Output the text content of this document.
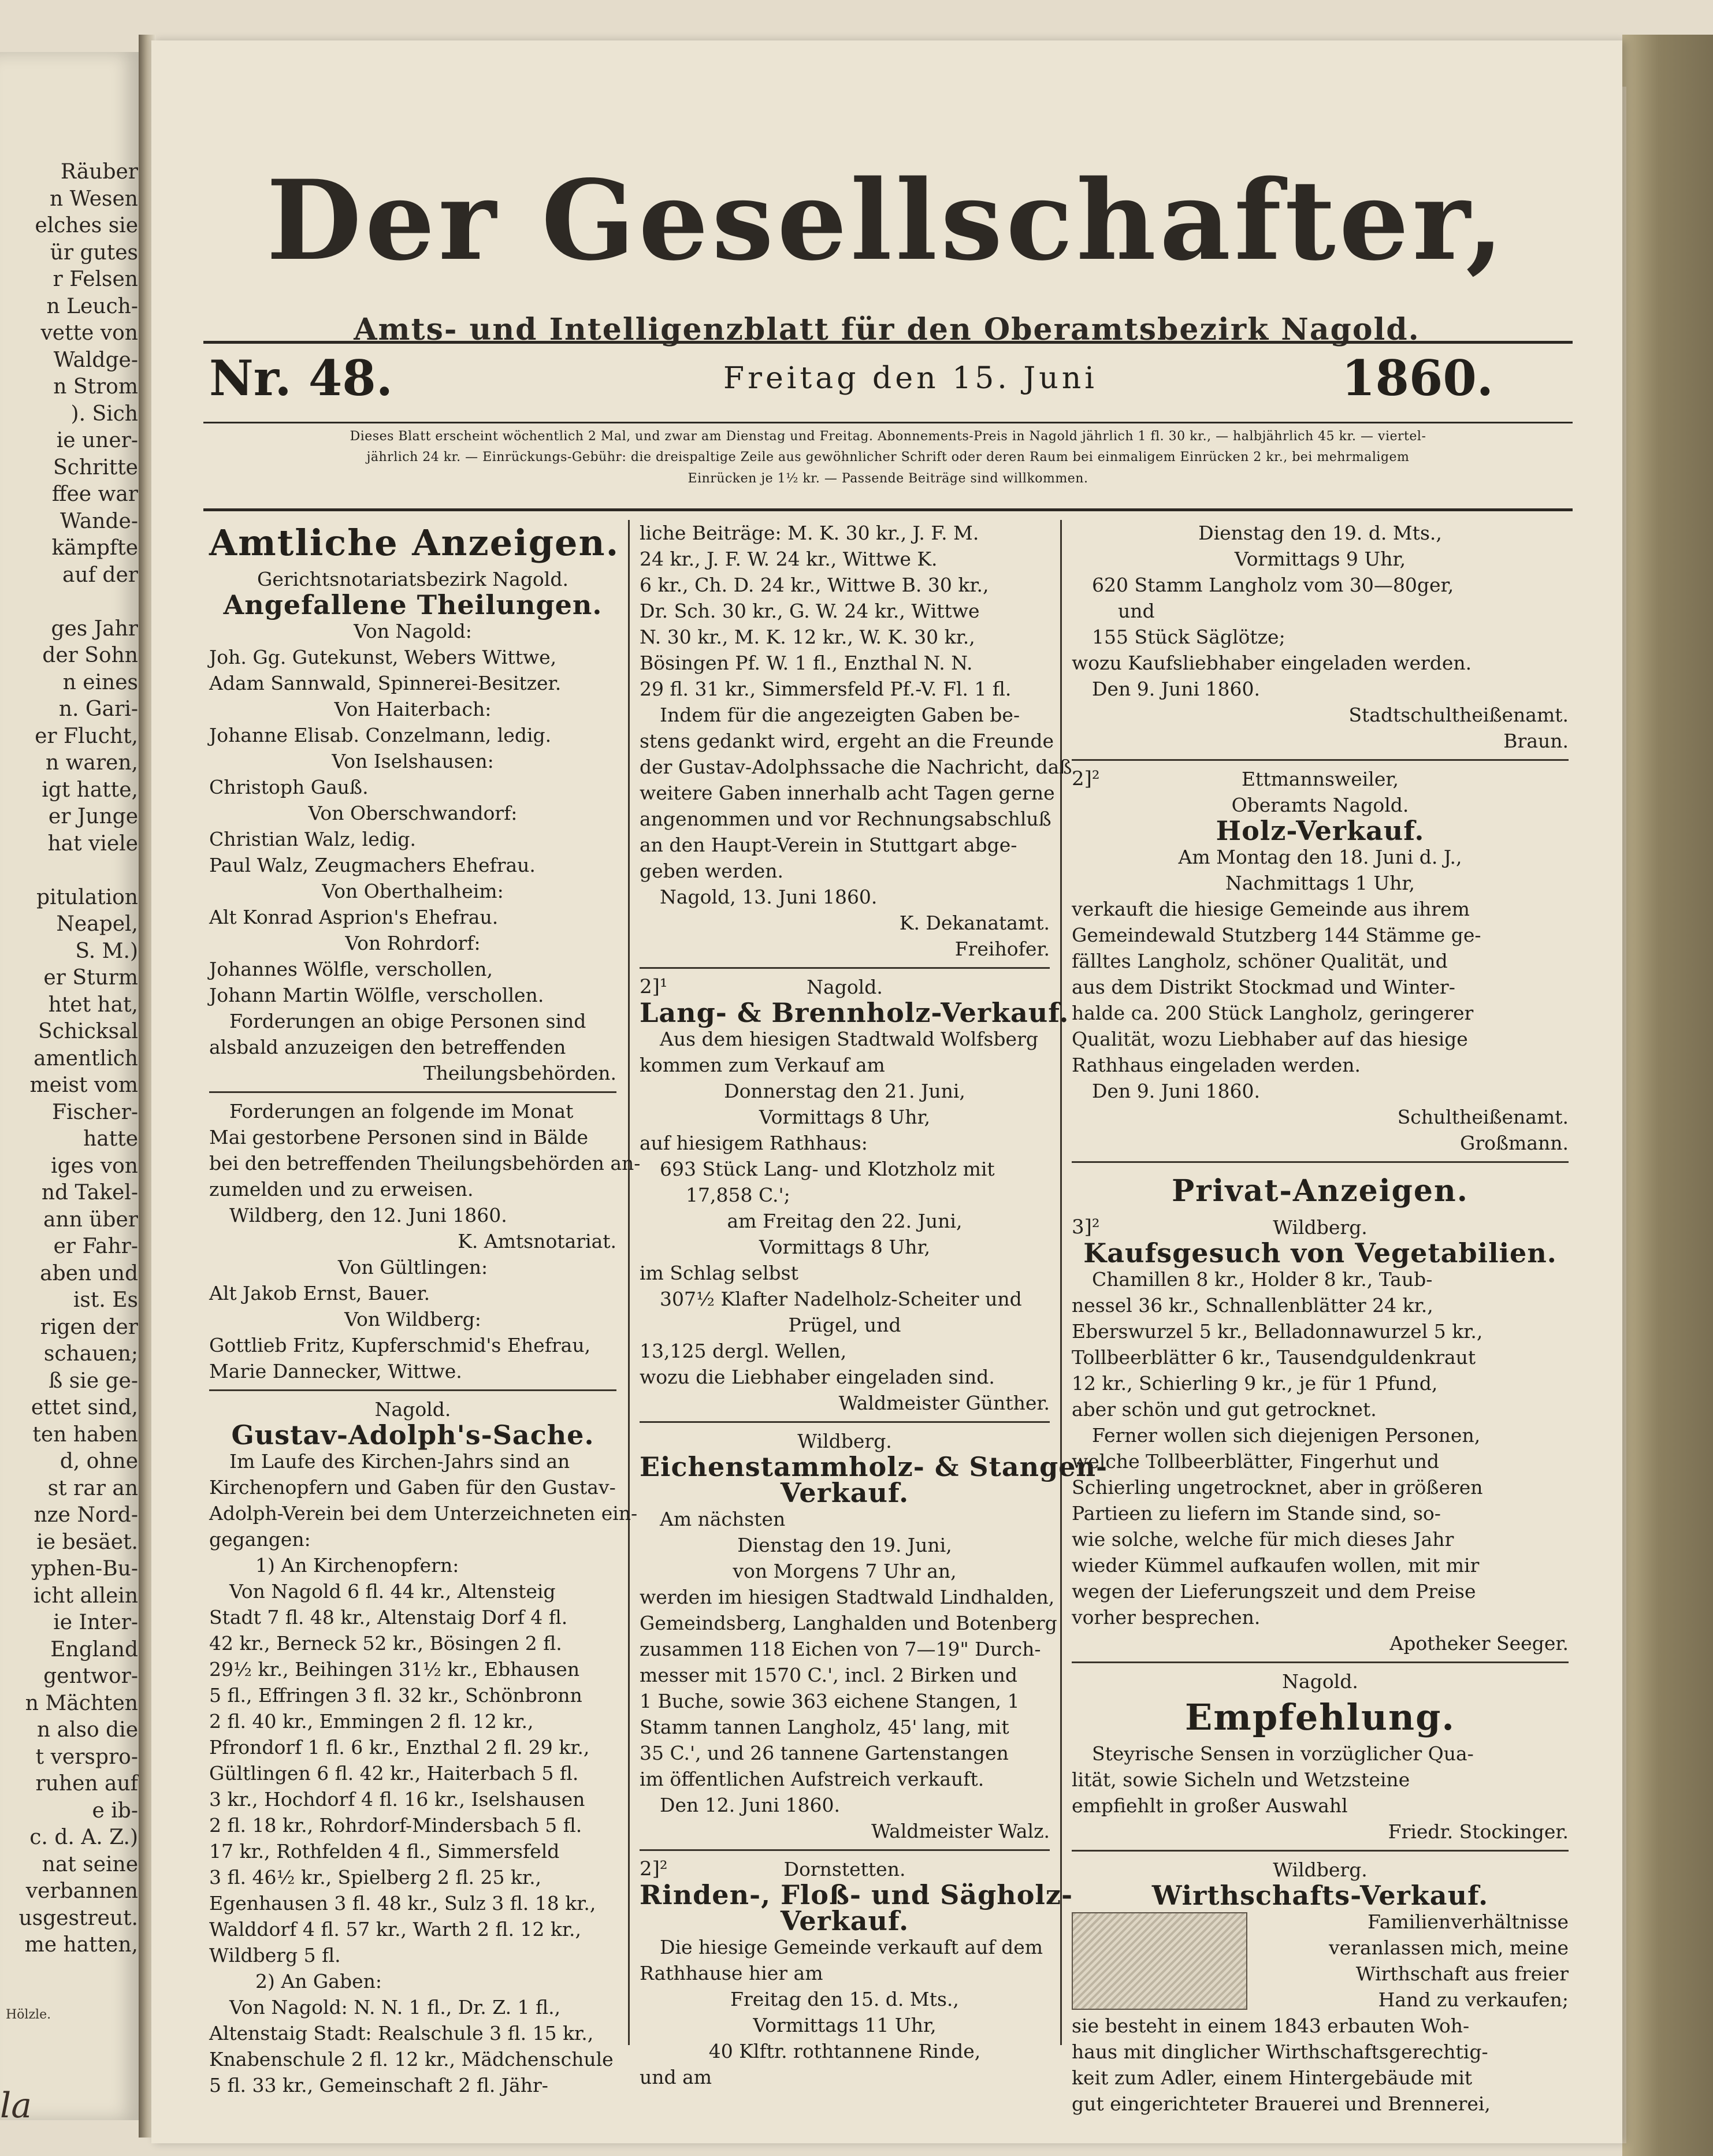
Räuber
n Wesen
elches sie
ür gutes
r Felsen
n Leuch-
vette von
Waldge-
n Strom
). Sich
ie uner-
Schritte
ffee war
Wande-
kämpfte
auf der
ges Jahr
der Sohn
n eines
n. Gari-
er Flucht,
n waren,
igt hatte,
er Junge
hat viele
pitulation
Neapel,
S. M.)
er Sturm
htet hat,
Schicksal
amentlich
meist vom
Fischer-
hatte
iges von
nd Takel-
ann über
er Fahr-
aben und
ist. Es
rigen der
schauen;
ß sie ge-
ettet sind,
ten haben
d, ohne
st rar an
nze Nord-
ie besäet.
yphen-Bu-
icht allein
ie Inter-
England
gentwor-
n Mächten
n also die
t verspro-
ruhen auf
e ib-
c. d. A. Z.)
nat seine
verbannen
usgestreut.
me hatten,
Hölzle.
la
Der Gesellschafter,
Amts- und Intelligenzblatt für den Oberamtsbezirk Nagold.
Nr. 48.	Freitag den 15. Juni	1860.
Dieses Blatt erscheint wöchentlich 2 Mal, und zwar am Dienstag und Freitag. Abonnements-Preis in Nagold jährlich 1 fl. 30 kr., — halbjährlich 45 kr. — viertel-
jährlich 24 kr. — Einrückungs-Gebühr: die dreispaltige Zeile aus gewöhnlicher Schrift oder deren Raum bei einmaligem Einrücken 2 kr., bei mehrmaligem
Einrücken je 1½ kr. — Passende Beiträge sind willkommen.
Amtliche Anzeigen.
Gerichtsnotariatsbezirk Nagold.
Angefallene Theilungen.
Von Nagold:
Joh. Gg. Gutekunst, Webers Wittwe,
Adam Sannwald, Spinnerei-Besitzer.
Von Haiterbach:
Johanne Elisab. Conzelmann, ledig.
Von Iselshausen:
Christoph Gauß.
Von Oberschwandorf:
Christian Walz, ledig.
Paul Walz, Zeugmachers Ehefrau.
Von Oberthalheim:
Alt Konrad Asprion's Ehefrau.
Von Rohrdorf:
Johannes Wölfle, verschollen,
Johann Martin Wölfle, verschollen.
Forderungen an obige Personen sind
alsbald anzuzeigen den betreffenden
Theilungsbehörden.
Forderungen an folgende im Monat
Mai gestorbene Personen sind in Bälde
bei den betreffenden Theilungsbehörden an-
zumelden und zu erweisen.
Wildberg, den 12. Juni 1860.
K. Amtsnotariat.
Von Gültlingen:
Alt Jakob Ernst, Bauer.
Von Wildberg:
Gottlieb Fritz, Kupferschmid's Ehefrau,
Marie Dannecker, Wittwe.
Nagold.
Gustav-Adolph's-Sache.
Im Laufe des Kirchen-Jahrs sind an
Kirchenopfern und Gaben für den Gustav-
Adolph-Verein bei dem Unterzeichneten ein-
gegangen:
1) An Kirchenopfern:
Von Nagold 6 fl. 44 kr., Altensteig
Stadt 7 fl. 48 kr., Altenstaig Dorf 4 fl.
42 kr., Berneck 52 kr., Bösingen 2 fl.
29½ kr., Beihingen 31½ kr., Ebhausen
5 fl., Effringen 3 fl. 32 kr., Schönbronn
2 fl. 40 kr., Emmingen 2 fl. 12 kr.,
Pfrondorf 1 fl. 6 kr., Enzthal 2 fl. 29 kr.,
Gültlingen 6 fl. 42 kr., Haiterbach 5 fl.
3 kr., Hochdorf 4 fl. 16 kr., Iselshausen
2 fl. 18 kr., Rohrdorf-Mindersbach 5 fl.
17 kr., Rothfelden 4 fl., Simmersfeld
3 fl. 46½ kr., Spielberg 2 fl. 25 kr.,
Egenhausen 3 fl. 48 kr., Sulz 3 fl. 18 kr.,
Walddorf 4 fl. 57 kr., Warth 2 fl. 12 kr.,
Wildberg 5 fl.
2) An Gaben:
Von Nagold: N. N. 1 fl., Dr. Z. 1 fl.,
Altenstaig Stadt: Realschule 3 fl. 15 kr.,
Knabenschule 2 fl. 12 kr., Mädchenschule
5 fl. 33 kr., Gemeinschaft 2 fl. Jähr-
liche Beiträge: M. K. 30 kr., J. F. M.
24 kr., J. F. W. 24 kr., Wittwe K.
6 kr., Ch. D. 24 kr., Wittwe B. 30 kr.,
Dr. Sch. 30 kr., G. W. 24 kr., Wittwe
N. 30 kr., M. K. 12 kr., W. K. 30 kr.,
Bösingen Pf. W. 1 fl., Enzthal N. N.
29 fl. 31 kr., Simmersfeld Pf.-V. Fl. 1 fl.
Indem für die angezeigten Gaben be-
stens gedankt wird, ergeht an die Freunde
der Gustav-Adolphssache die Nachricht, daß
weitere Gaben innerhalb acht Tagen gerne
angenommen und vor Rechnungsabschluß
an den Haupt-Verein in Stuttgart abge-
geben werden.
Nagold, 13. Juni 1860.
K. Dekanatamt.
Freihofer.
2]¹	Nagold.
Lang- & Brennholz-Verkauf.
Aus dem hiesigen Stadtwald Wolfsberg
kommen zum Verkauf am
Donnerstag den 21. Juni,
Vormittags 8 Uhr,
auf hiesigem Rathhaus:
693 Stück Lang- und Klotzholz mit
17,858 C.';
am Freitag den 22. Juni,
Vormittags 8 Uhr,
im Schlag selbst
307½ Klafter Nadelholz-Scheiter und
Prügel, und
13,125 dergl. Wellen,
wozu die Liebhaber eingeladen sind.
Waldmeister Günther.
Wildberg.
Eichenstammholz- & Stangen-
Verkauf.
Am nächsten
Dienstag den 19. Juni,
von Morgens 7 Uhr an,
werden im hiesigen Stadtwald Lindhalden,
Gemeindsberg, Langhalden und Botenberg
zusammen 118 Eichen von 7—19" Durch-
messer mit 1570 C.', incl. 2 Birken und
1 Buche, sowie 363 eichene Stangen, 1
Stamm tannen Langholz, 45' lang, mit
35 C.', und 26 tannene Gartenstangen
im öffentlichen Aufstreich verkauft.
Den 12. Juni 1860.
Waldmeister Walz.
2]²	Dornstetten.
Rinden-, Floß- und Sägholz-
Verkauf.
Die hiesige Gemeinde verkauft auf dem
Rathhause hier am
Freitag den 15. d. Mts.,
Vormittags 11 Uhr,
40 Klftr. rothtannene Rinde,
und am
Dienstag den 19. d. Mts.,
Vormittags 9 Uhr,
620 Stamm Langholz vom 30—80ger,
und
155 Stück Säglötze;
wozu Kaufsliebhaber eingeladen werden.
Den 9. Juni 1860.
Stadtschultheißenamt.
Braun.
2]²	Ettmannsweiler,
Oberamts Nagold.
Holz-Verkauf.
Am Montag den 18. Juni d. J.,
Nachmittags 1 Uhr,
verkauft die hiesige Gemeinde aus ihrem
Gemeindewald Stutzberg 144 Stämme ge-
fälltes Langholz, schöner Qualität, und
aus dem Distrikt Stockmad und Winter-
halde ca. 200 Stück Langholz, geringerer
Qualität, wozu Liebhaber auf das hiesige
Rathhaus eingeladen werden.
Den 9. Juni 1860.
Schultheißenamt.
Großmann.
Privat-Anzeigen.
3]²	Wildberg.
Kaufsgesuch von Vegetabilien.
Chamillen 8 kr., Holder 8 kr., Taub-
nessel 36 kr., Schnallenblätter 24 kr.,
Eberswurzel 5 kr., Belladonnawurzel 5 kr.,
Tollbeerblätter 6 kr., Tausendguldenkraut
12 kr., Schierling 9 kr., je für 1 Pfund,
aber schön und gut getrocknet.
Ferner wollen sich diejenigen Personen,
welche Tollbeerblätter, Fingerhut und
Schierling ungetrocknet, aber in größeren
Partieen zu liefern im Stande sind, so-
wie solche, welche für mich dieses Jahr
wieder Kümmel aufkaufen wollen, mit mir
wegen der Lieferungszeit und dem Preise
vorher besprechen.
Apotheker Seeger.
Nagold.
Empfehlung.
Steyrische Sensen in vorzüglicher Qua-
lität, sowie Sicheln und Wetzsteine
empfiehlt in großer Auswahl
Friedr. Stockinger.
Wildberg.
Wirthschafts-Verkauf.
Familienverhältnisse
veranlassen mich, meine
Wirthschaft aus freier
Hand zu verkaufen;
sie besteht in einem 1843 erbauten Woh-
haus mit dinglicher Wirthschaftsgerechtig-
keit zum Adler, einem Hintergebäude mit
gut eingerichteter Brauerei und Brennerei,
